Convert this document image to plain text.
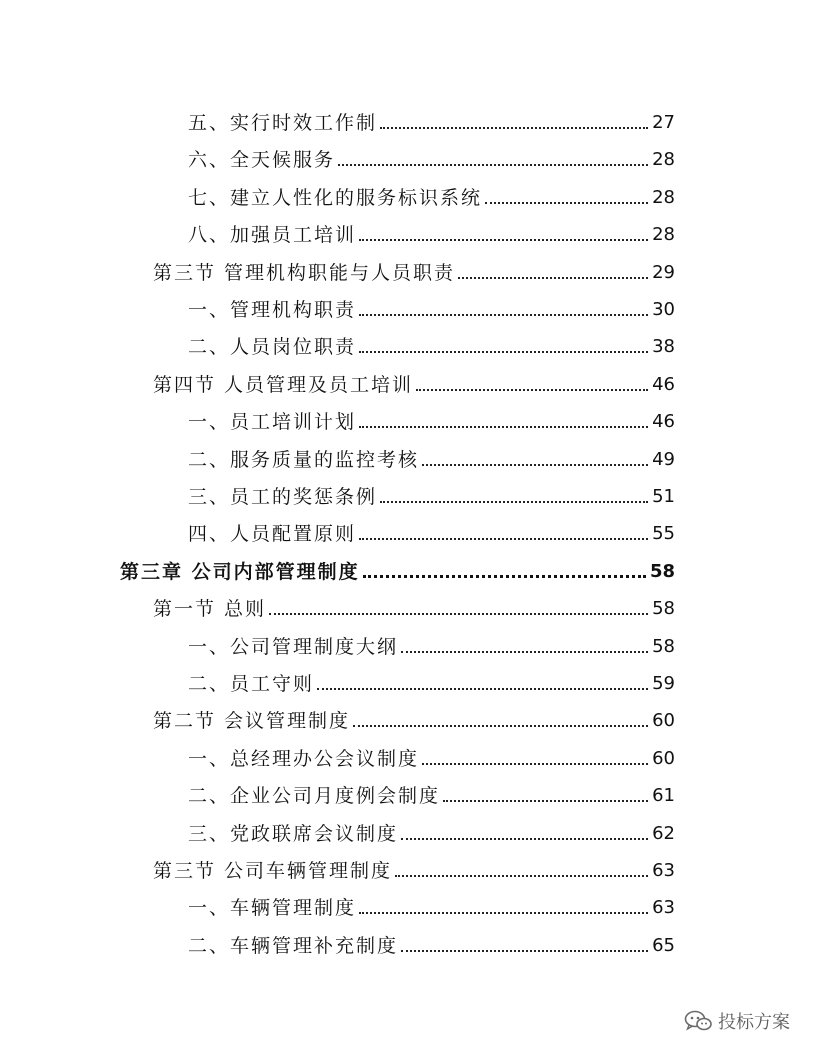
五、实行时效工作制	27
六、全天候服务	28
七、建立人性化的服务标识系统	28
八、加强员工培训	28
第三节 管理机构职能与人员职责	29
一、管理机构职责	30
二、人员岗位职责	38
第四节 人员管理及员工培训	46
一、员工培训计划	46
二、服务质量的监控考核	49
三、员工的奖惩条例	51
四、人员配置原则	55
第三章 公司内部管理制度	58
第一节 总则	58
一、公司管理制度大纲	58
二、员工守则	59
第二节 会议管理制度	60
一、总经理办公会议制度	60
二、企业公司月度例会制度	61
三、党政联席会议制度	62
第三节 公司车辆管理制度	63
一、车辆管理制度	63
二、车辆管理补充制度	65
投标方案
